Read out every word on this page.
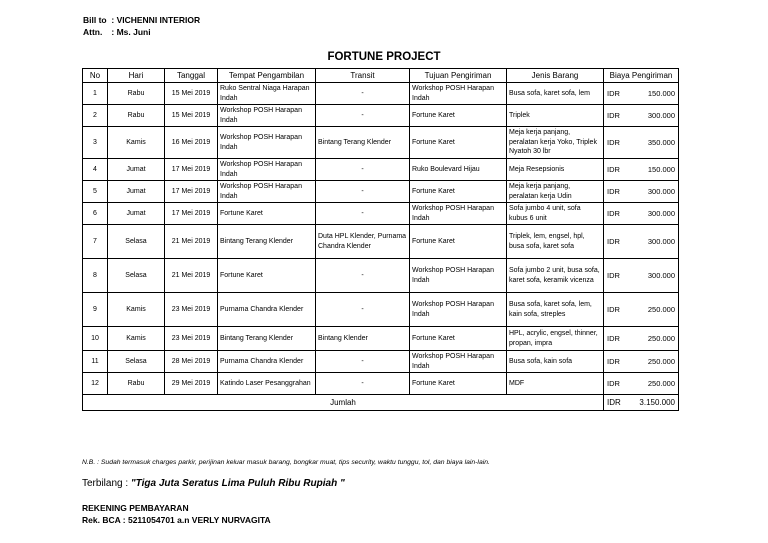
Bill to : VICHENNI INTERIOR
Attn. : Ms. Juni
FORTUNE PROJECT
No	Hari	Tanggal	Tempat Pengambilan	Transit	Tujuan Pengiriman	Jenis Barang	Biaya Pengiriman
1	Rabu	15 Mei 2019	Ruko Sentral Niaga Harapan Indah	-	Workshop POSH Harapan Indah	Busa sofa, karet sofa, lem	IDR 150.000

2	Rabu	15 Mei 2019	Workshop POSH Harapan Indah	-	Fortune Karet	Triplek	IDR 300.000

3	Kamis	16 Mei 2019	Workshop POSH Harapan Indah	Bintang Terang Klender	Fortune Karet	Meja kerja panjang, peralatan kerja Yoko, Triplek Nyatoh 30 lbr	IDR 350.000

4	Jumat	17 Mei 2019	Workshop POSH Harapan Indah	-	Ruko Boulevard Hijau	Meja Resepsionis	IDR 150.000

5	Jumat	17 Mei 2019	Workshop POSH Harapan Indah	-	Fortune Karet	Meja kerja panjang, peralatan kerja Udin	IDR 300.000

6	Jumat	17 Mei 2019	Fortune Karet	-	Workshop POSH Harapan Indah	Sofa jumbo 4 unit, sofa kubus 6 unit	IDR 300.000

7	Selasa	21 Mei 2019	Bintang Terang Klender	Duta HPL Klender, Purnama Chandra Klender	Fortune Karet	Triplek, lem, engsel, hpl, busa sofa, karet sofa	IDR 300.000

8	Selasa	21 Mei 2019	Fortune Karet	-	Workshop POSH Harapan Indah	Sofa jumbo 2 unit, busa sofa, karet sofa, keramik vicenza	IDR 300.000

9	Kamis	23 Mei 2019	Purnama Chandra Klender	-	Workshop POSH Harapan Indah	Busa sofa, karet sofa, lem, kain sofa, streples	IDR 250.000

10	Kamis	23 Mei 2019	Bintang Terang Klender	Bintang Klender	Fortune Karet	HPL, acrylic, engsel, thinner, propan, impra	IDR 250.000

11	Selasa	28 Mei 2019	Purnama Chandra Klender	-	Workshop POSH Harapan Indah	Busa sofa, kain sofa	IDR 250.000

12	Rabu	29 Mei 2019	Katindo Laser Pesanggrahan	-	Fortune Karet	MDF	IDR 250.000

Jumlah							IDR 3.150.000
N.B. : Sudah termasuk charges parkir, perijinan keluar masuk barang, bongkar muat, tips security, waktu tunggu, tol, dan biaya lain-lain.
Terbilang : "Tiga Juta Seratus Lima Puluh Ribu Rupiah "
REKENING PEMBAYARAN
Rek. BCA : 5211054701 a.n VERLY NURVAGITA
